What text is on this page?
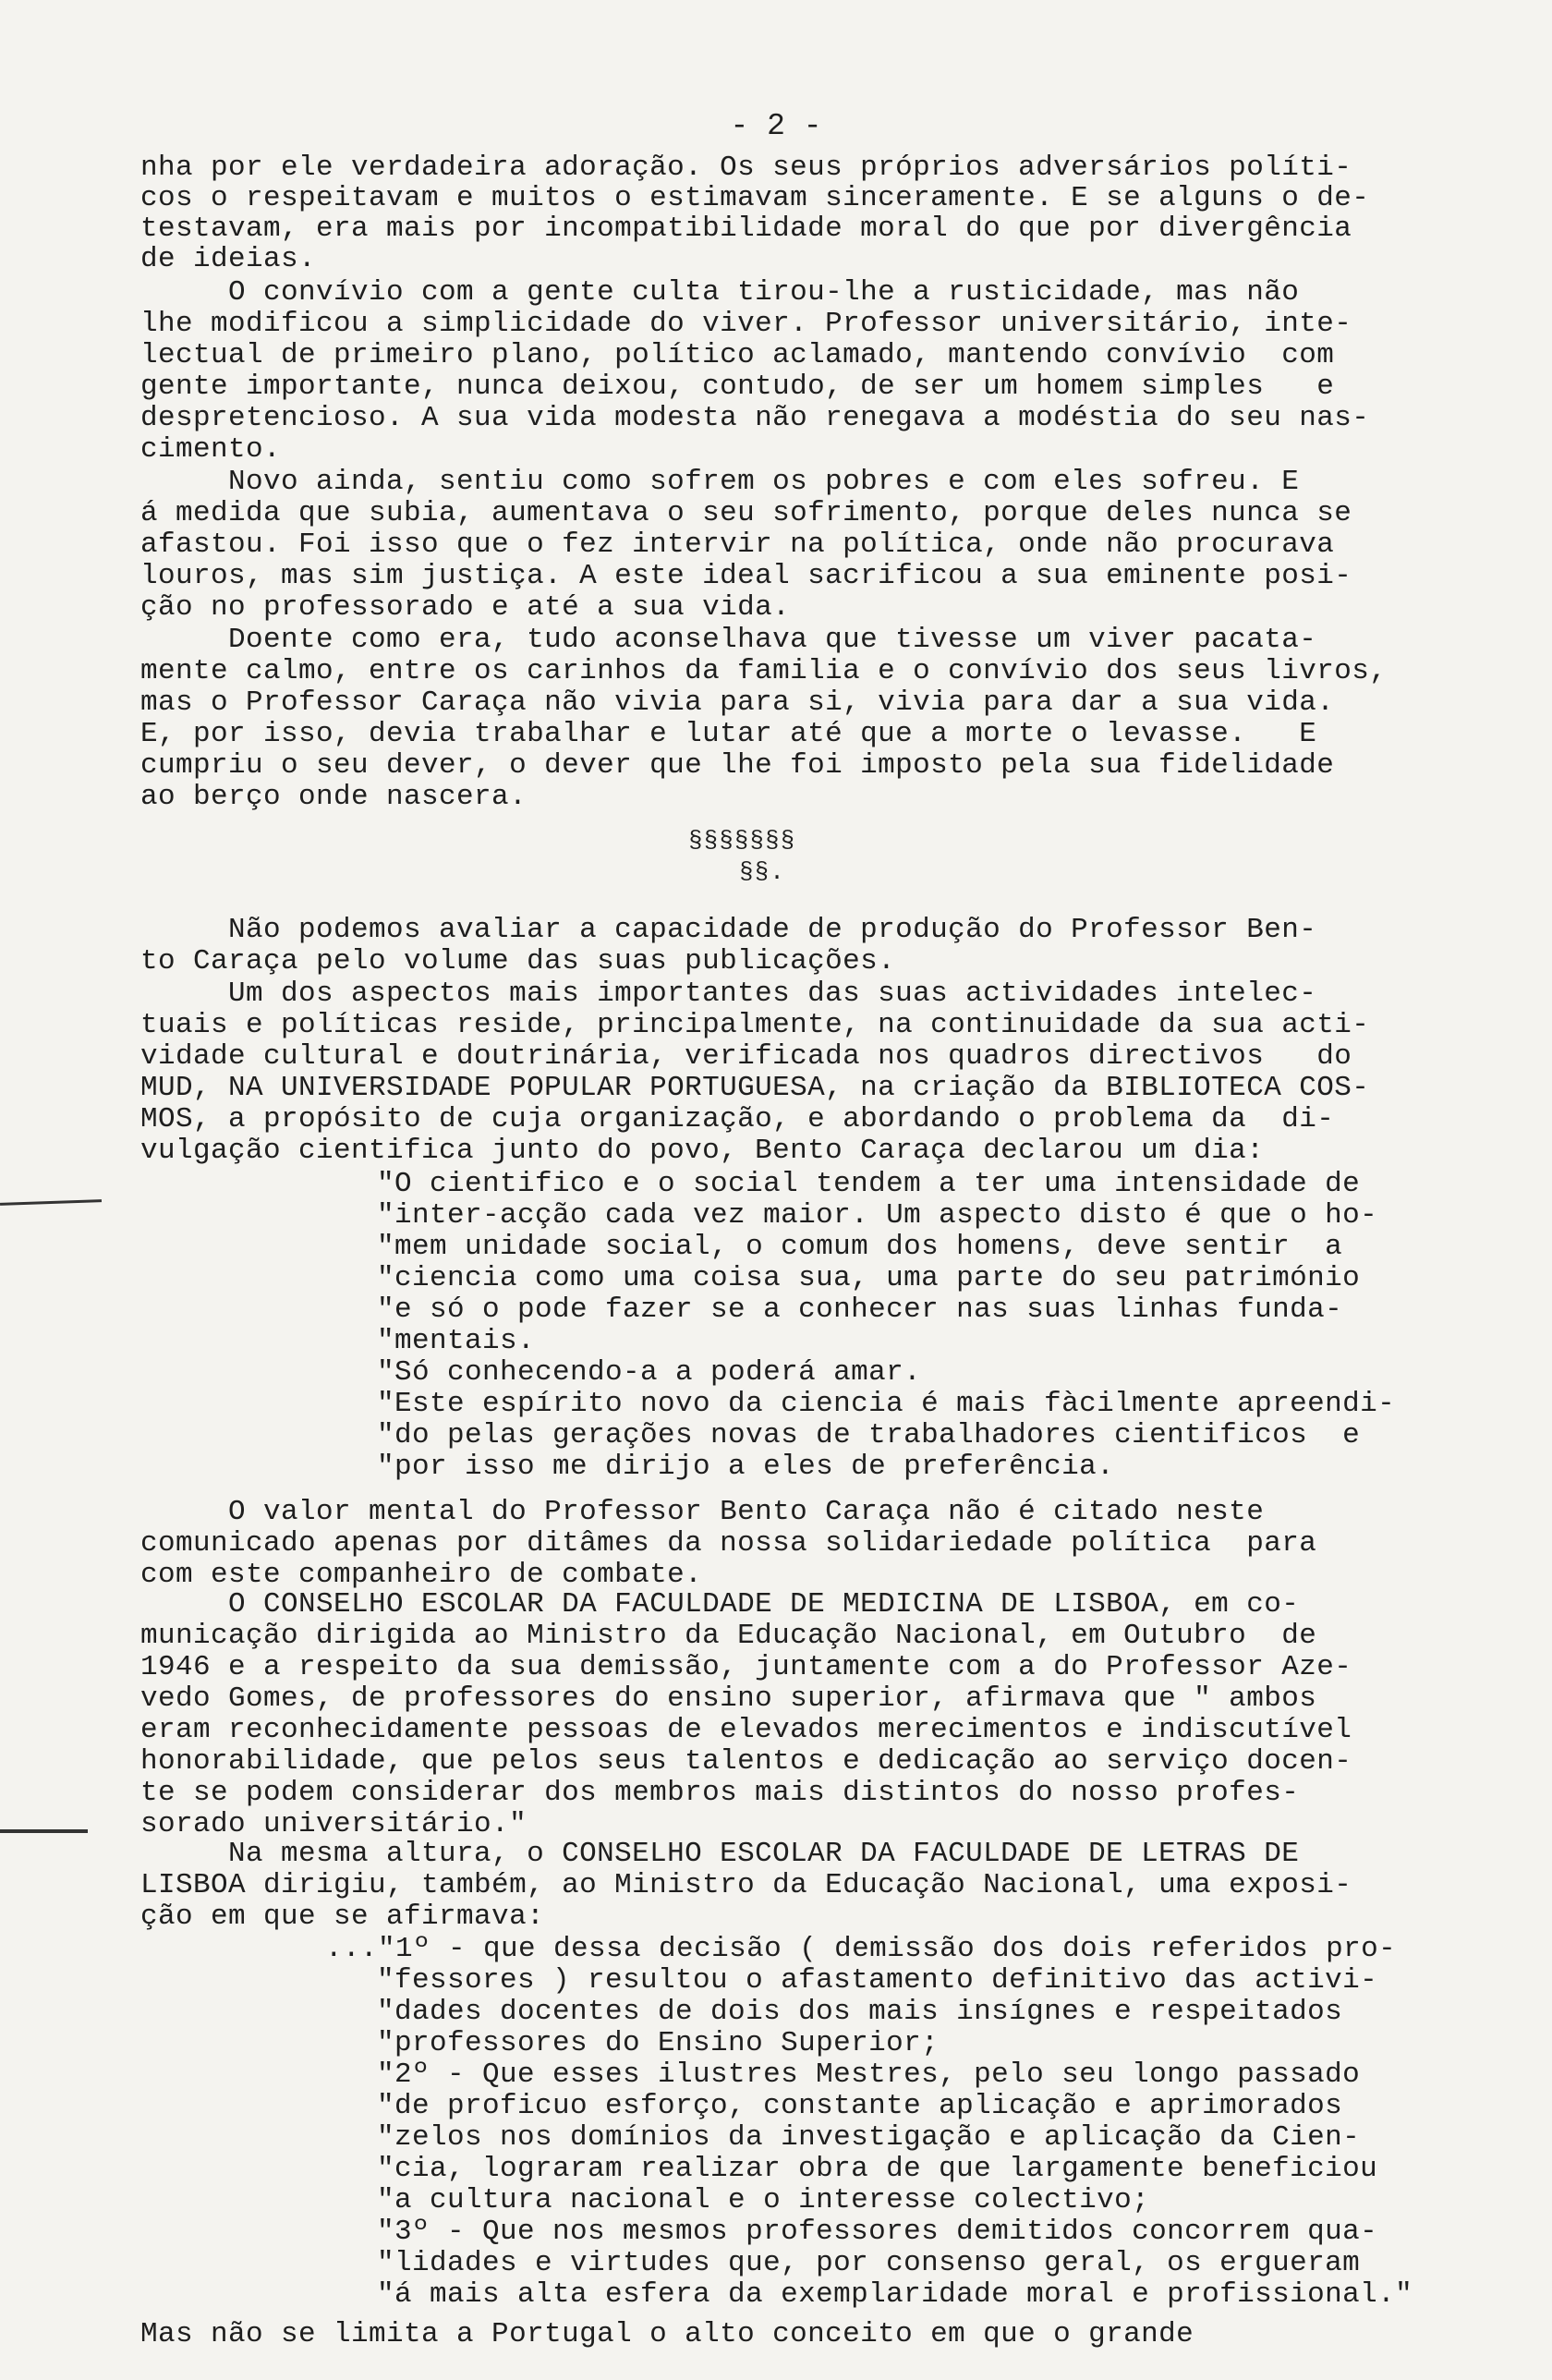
- 2 -
§§§§§§§
§§.
nha por ele verdadeira adoração. Os seus próprios adversários políti-
cos o respeitavam e muitos o estimavam sinceramente. E se alguns o de-
testavam, era mais por incompatibilidade moral do que por divergência
de ideias.
O convívio com a gente culta tirou-lhe a rusticidade, mas não
lhe modificou a simplicidade do viver. Professor universitário, inte-
lectual de primeiro plano, político aclamado, mantendo convívio  com
gente importante, nunca deixou, contudo, de ser um homem simples   e
despretencioso. A sua vida modesta não renegava a modéstia do seu nas-
cimento.
Novo ainda, sentiu como sofrem os pobres e com eles sofreu. E
á medida que subia, aumentava o seu sofrimento, porque deles nunca se
afastou. Foi isso que o fez intervir na política, onde não procurava
louros, mas sim justiça. A este ideal sacrificou a sua eminente posi-
ção no professorado e até a sua vida.
Doente como era, tudo aconselhava que tivesse um viver pacata-
mente calmo, entre os carinhos da familia e o convívio dos seus livros,
mas o Professor Caraça não vivia para si, vivia para dar a sua vida.
E, por isso, devia trabalhar e lutar até que a morte o levasse.   E
cumpriu o seu dever, o dever que lhe foi imposto pela sua fidelidade
ao berço onde nascera.
Não podemos avaliar a capacidade de produção do Professor Ben-
to Caraça pelo volume das suas publicações.
Um dos aspectos mais importantes das suas actividades intelec-
tuais e políticas reside, principalmente, na continuidade da sua acti-
vidade cultural e doutrinária, verificada nos quadros directivos   do
MUD, NA UNIVERSIDADE POPULAR PORTUGUESA, na criação da BIBLIOTECA COS-
MOS, a propósito de cuja organização, e abordando o problema da  di-
vulgação cientifica junto do povo, Bento Caraça declarou um dia:
"O cientifico e o social tendem a ter uma intensidade de
"inter-acção cada vez maior. Um aspecto disto é que o ho-
"mem unidade social, o comum dos homens, deve sentir  a
"ciencia como uma coisa sua, uma parte do seu património
"e só o pode fazer se a conhecer nas suas linhas funda-
"mentais.
"Só conhecendo-a a poderá amar.
"Este espírito novo da ciencia é mais fàcilmente apreendi-
"do pelas gerações novas de trabalhadores cientificos  e
"por isso me dirijo a eles de preferência.
O valor mental do Professor Bento Caraça não é citado neste
comunicado apenas por ditâmes da nossa solidariedade política  para
com este companheiro de combate.
O CONSELHO ESCOLAR DA FACULDADE DE MEDICINA DE LISBOA, em co-
municação dirigida ao Ministro da Educação Nacional, em Outubro  de
1946 e a respeito da sua demissão, juntamente com a do Professor Aze-
vedo Gomes, de professores do ensino superior, afirmava que " ambos
eram reconhecidamente pessoas de elevados merecimentos e indiscutível
honorabilidade, que pelos seus talentos e dedicação ao serviço docen-
te se podem considerar dos membros mais distintos do nosso profes-
sorado universitário."
Na mesma altura, o CONSELHO ESCOLAR DA FACULDADE DE LETRAS DE
LISBOA dirigiu, também, ao Ministro da Educação Nacional, uma exposi-
ção em que se afirmava:
..."1º - que dessa decisão ( demissão dos dois referidos pro-
"fessores ) resultou o afastamento definitivo das activi-
"dades docentes de dois dos mais insígnes e respeitados
"professores do Ensino Superior;
"2º - Que esses ilustres Mestres, pelo seu longo passado
"de proficuo esforço, constante aplicação e aprimorados
"zelos nos domínios da investigação e aplicação da Cien-
"cia, lograram realizar obra de que largamente beneficiou
"a cultura nacional e o interesse colectivo;
"3º - Que nos mesmos professores demitidos concorrem qua-
"lidades e virtudes que, por consenso geral, os ergueram
"á mais alta esfera da exemplaridade moral e profissional."
Mas não se limita a Portugal o alto conceito em que o grande
